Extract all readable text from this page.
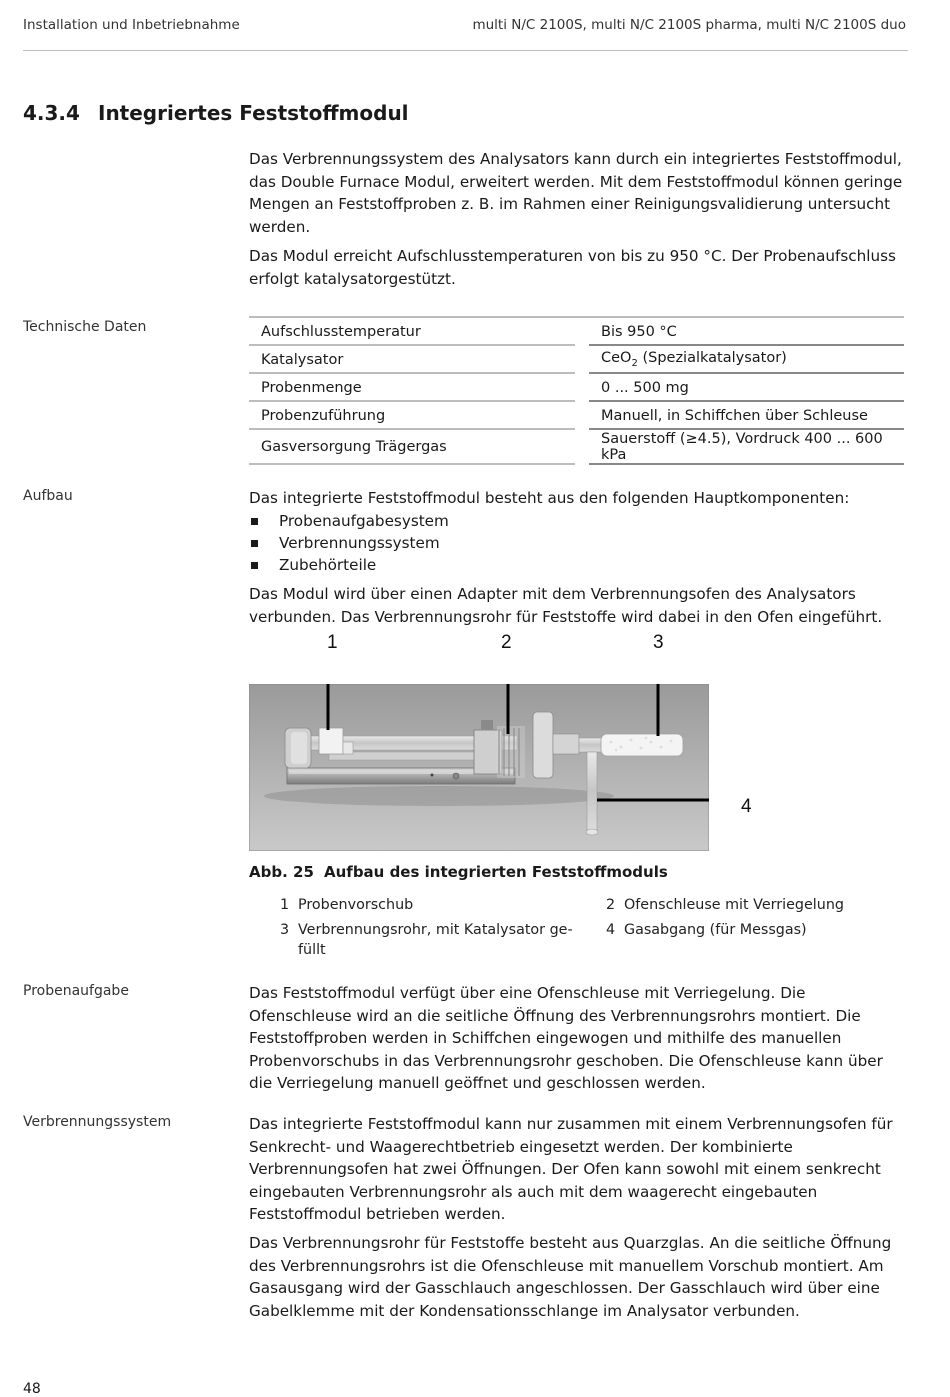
Installation und Inbetriebnahme	multi N/C 2100S, multi N/C 2100S pharma, multi N/C 2100S duo
4.3.4 Integriertes Feststoffmodul

Das Verbrennungssystem des Analysators kann durch ein integriertes Feststoffmodul, das Double Furnace Modul, erweitert werden. Mit dem Feststoffmodul können geringe Mengen an Feststoffproben z. B. im Rahmen einer Reinigungsvalidierung untersucht werden.

Das Modul erreicht Aufschlusstemperaturen von bis zu 950 °C. Der Probenaufschluss erfolgt katalysatorgestützt.

Technische Daten	Aufschlusstemperatur		Bis 950 °C
Katalysator		CeO$_2$ (Spezialkatalysator)
Probenmenge		0 ... 500 mg
Probenzuführung		Manuell, in Schiffchen über Schleuse
Gasversorgung Trägergas		Sauerstoff (≥4.5), Vordruck 400 ... 600 kPa
Aufbau	Das integrierte Feststoffmodul besteht aus den folgenden Hauptkomponenten:

Probenaufgabesystem
Verbrennungssystem
Zubehörteile

Das Modul wird über einen Adapter mit dem Verbrennungsofen des Analysators verbunden. Das Verbrennungsrohr für Feststoffe wird dabei in den Ofen eingeführt.

1	2	3
4
Abb. 25 Aufbau des integrierten Feststoffmoduls
1 Probenvorschub	2 Ofenschleuse mit Verriegelung
3 Verbrennungsrohr, mit Katalysator ge-
füllt
4 Gasabgang (für Messgas)
Probenaufgabe	Das Feststoffmodul verfügt über eine Ofenschleuse mit Verriegelung. Die Ofenschleuse wird an die seitliche Öffnung des Verbrennungsrohrs montiert. Die Feststoffproben werden in Schiffchen eingewogen und mithilfe des manuellen Probenvorschubs in das Verbrennungsrohr geschoben. Die Ofenschleuse kann über die Verriegelung manuell geöffnet und geschlossen werden.

Verbrennungssystem	Das integrierte Feststoffmodul kann nur zusammen mit einem Verbrennungsofen für Senkrecht- und Waagerechtbetrieb eingesetzt werden. Der kombinierte Verbrennungsofen hat zwei Öffnungen. Der Ofen kann sowohl mit einem senkrecht eingebauten Verbrennungsrohr als auch mit dem waagerecht eingebauten Feststoffmodul betrieben werden.

Das Verbrennungsrohr für Feststoffe besteht aus Quarzglas. An die seitliche Öffnung des Verbrennungsrohrs ist die Ofenschleuse mit manuellem Vorschub montiert. Am Gasausgang wird der Gasschlauch angeschlossen. Der Gasschlauch wird über eine Gabelklemme mit der Kondensationsschlange im Analysator verbunden.

48
